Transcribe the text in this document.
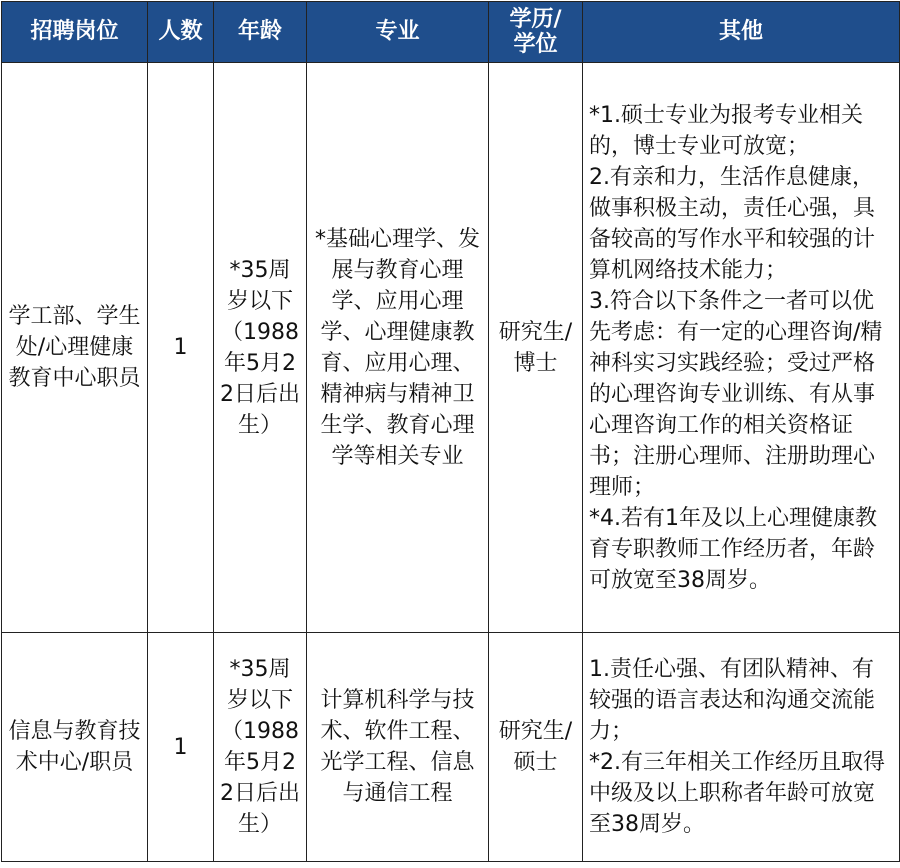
招聘岗位	人数	年龄	专业	学历/学位	其他
学工部、学生处/心理健康教育中心职员	1	*35周岁以下（1988年5月22日后出生）	*基础心理学、发展与教育心理学、应用心理学、心理健康教育、应用心理、精神病与精神卫生学、教育心理学等相关专业	研究生/博士	*1.硕士专业为报考专业相关的，博士专业可放宽；
2.有亲和力，生活作息健康，做事积极主动，责任心强，具备较高的写作水平和较强的计算机网络技术能力；
3.符合以下条件之一者可以优先考虑：有一定的心理咨询/精神科实习实践经验；受过严格的心理咨询专业训练、有从事心理咨询工作的相关资格证书；注册心理师、注册助理心理师；
*4.若有1年及以上心理健康教育专职教师工作经历者，年龄可放宽至38周岁。
信息与教育技术中心/职员	1	*35周岁以下（1988年5月22日后出生）	计算机科学与技术、软件工程、光学工程、信息与通信工程	研究生/硕士	1.责任心强、有团队精神、有较强的语言表达和沟通交流能力；
*2.有三年相关工作经历且取得中级及以上职称者年龄可放宽至38周岁。
